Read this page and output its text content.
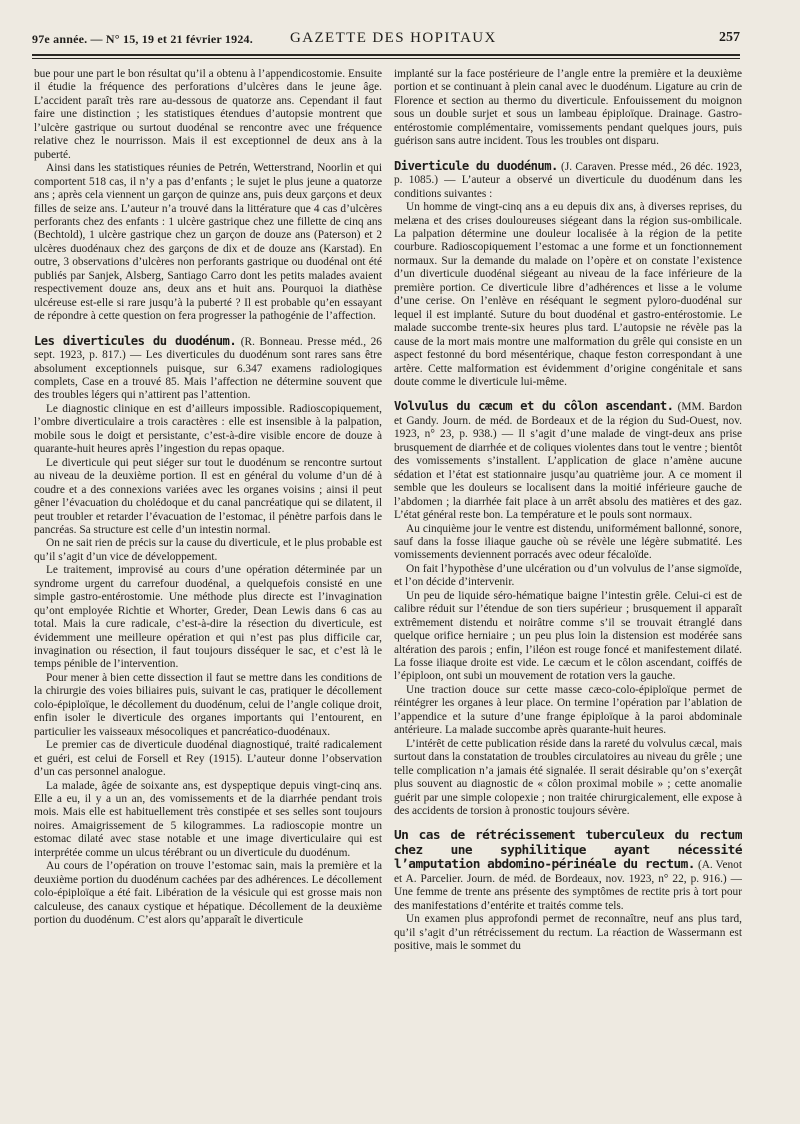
97e année. — N° 15, 19 et 21 février 1924. GAZETTE DES HOPITAUX	257

bue pour une part le bon résultat qu’il a obtenu à l’appendicostomie. Ensuite il étudie la fréquence des perforations d’ulcères dans le jeune âge. L’accident paraît très rare au-dessous de quatorze ans. Cependant il faut faire une distinction ; les statistiques étendues d’autopsie montrent que l’ulcère gastrique ou surtout duodénal se rencontre avec une fréquence relative chez le nourrisson. Mais il est exceptionnel de deux ans à la puberté.

Ainsi dans les statistiques réunies de Petrén, Wetterstrand, Noorlin et qui comportent 518 cas, il n’y a pas d’enfants ; le sujet le plus jeune a quatorze ans ; après cela viennent un garçon de quinze ans, puis deux garçons et deux filles de seize ans. L’auteur n’a trouvé dans la littérature que 4 cas d’ulcères perforants chez des enfants : 1 ulcère gastrique chez une fillette de cinq ans (Bechtold), 1 ulcère gastrique chez un garçon de douze ans (Paterson) et 2 ulcères duodénaux chez des garçons de dix et de douze ans (Karstad). En outre, 3 observations d’ulcères non perforants gastrique ou duodénal ont été publiés par Sanjek, Alsberg, Santiago Carro dont les petits malades avaient respectivement douze ans, deux ans et huit ans. Pourquoi la diathèse ulcéreuse est-elle si rare jusqu’à la puberté ? Il est probable qu’en essayant de répondre à cette question on fera progresser la pathogénie de l’affection.

Les diverticules du duodénum. (R. Bonneau. Presse méd., 26 sept. 1923, p. 817.) — Les diverticules du duodénum sont rares sans être absolument exceptionnels puisque, sur 6.347 examens radiologiques complets, Case en a trouvé 85. Mais l’affection ne détermine souvent que des troubles légers qui n’attirent pas l’attention.

Le diagnostic clinique en est d’ailleurs impossible. Radioscopiquement, l’ombre diverticulaire a trois caractères : elle est insensible à la palpation, mobile sous le doigt et persistante, c’est-à-dire visible encore de douze à quarante-huit heures après l’ingestion du repas opaque.

Le diverticule qui peut siéger sur tout le duodénum se rencontre surtout au niveau de la deuxième portion. Il est en général du volume d’un dé à coudre et a des connexions variées avec les organes voisins ; ainsi il peut gêner l’évacuation du cholédoque et du canal pancréatique qui se dilatent, il peut troubler et retarder l’évacuation de l’estomac, il pénètre parfois dans le pancréas. Sa structure est celle d’un intestin normal.

On ne sait rien de précis sur la cause du diverticule, et le plus probable est qu’il s’agit d’un vice de développement.

Le traitement, improvisé au cours d’une opération déterminée par un syndrome urgent du carrefour duodénal, a quelquefois consisté en une simple gastro-entérostomie. Une méthode plus directe est l’invagination qu’ont employée Richtie et Whorter, Greder, Dean Lewis dans 6 cas au total. Mais la cure radicale, c’est-à-dire la résection du diverticule, est évidemment une meilleure opération et qui n’est pas plus difficile car, invagination ou résection, il faut toujours disséquer le sac, et c’est là le temps pénible de l’intervention.

Pour mener à bien cette dissection il faut se mettre dans les conditions de la chirurgie des voies biliaires puis, suivant le cas, pratiquer le décollement colo-épiploïque, le décollement du duodénum, celui de l’angle colique droit, enfin isoler le diverticule des organes importants qui l’entourent, en particulier les vaisseaux mésocoliques et pancréatico-duodénaux.

Le premier cas de diverticule duodénal diagnostiqué, traité radicalement et guéri, est celui de Forsell et Rey (1915). L’auteur donne l’observation d’un cas personnel analogue.

La malade, âgée de soixante ans, est dyspeptique depuis vingt-cinq ans. Elle a eu, il y a un an, des vomissements et de la diarrhée pendant trois mois. Mais elle est habituellement très constipée et ses selles sont toujours noires. Amaigrissement de 5 kilogrammes. La radioscopie montre un estomac dilaté avec stase notable et une image diverticulaire qui est interprétée comme un ulcus térébrant ou un diverticule du duodénum.

Au cours de l’opération on trouve l’estomac sain, mais la première et la deuxième portion du duodénum cachées par des adhérences. Le décollement colo-épiploïque a été fait. Libération de la vésicule qui est grosse mais non calculeuse, des canaux cystique et hépatique. Décollement de la deuxième portion du duodénum. C’est alors qu’apparaît le diverticule

implanté sur la face postérieure de l’angle entre la première et la deuxième portion et se continuant à plein canal avec le duodénum. Ligature au crin de Florence et section au thermo du diverticule. Enfouissement du moignon sous un double surjet et sous un lambeau épiploïque. Drainage. Gastro-entérostomie complémentaire, vomissements pendant quelques jours, puis guérison sans autre incident. Tous les troubles ont disparu.

Diverticule du duodénum. (J. Caraven. Presse méd., 26 déc. 1923, p. 1085.) — L’auteur a observé un diverticule du duodénum dans les conditions suivantes :

Un homme de vingt-cinq ans a eu depuis dix ans, à diverses reprises, du melæna et des crises douloureuses siégeant dans la région sus-ombilicale. La palpation détermine une douleur localisée à la région de la petite courbure. Radioscopiquement l’estomac a une forme et un fonctionnement normaux. Sur la demande du malade on l’opère et on constate l’existence d’un diverticule duodénal siégeant au niveau de la face inférieure de la première portion. Ce diverticule libre d’adhérences et lisse a le volume d’une cerise. On l’enlève en réséquant le segment pyloro-duodénal sur lequel il est implanté. Suture du bout duodénal et gastro-entérostomie. Le malade succombe trente-six heures plus tard. L’autopsie ne révèle pas la cause de la mort mais montre une malformation du grêle qui consiste en un aspect festonné du bord mésentérique, chaque feston correspondant à une artère. Cette malformation est évidemment d’origine congénitale et sans doute comme le diverticule lui-même.

Volvulus du cæcum et du côlon ascendant. (MM. Bardon et Gandy. Journ. de méd. de Bordeaux et de la région du Sud-Ouest, nov. 1923, n° 23, p. 938.) — Il s’agit d’une malade de vingt-deux ans prise brusquement de diarrhée et de coliques violentes dans tout le ventre ; bientôt des vomissements s’installent. L’application de glace n’amène aucune sédation et l’état est stationnaire jusqu’au quatrième jour. A ce moment il semble que les douleurs se localisent dans la moitié inférieure gauche de l’abdomen ; la diarrhée fait place à un arrêt absolu des matières et des gaz. L’état général reste bon. La température et le pouls sont normaux.

Au cinquième jour le ventre est distendu, uniformément ballonné, sonore, sauf dans la fosse iliaque gauche où se révèle une légère submatité. Les vomissements deviennent porracés avec odeur fécaloïde.

On fait l’hypothèse d’une ulcération ou d’un volvulus de l’anse sigmoïde, et l’on décide d’intervenir.

Un peu de liquide séro-hématique baigne l’intestin grêle. Celui-ci est de calibre réduit sur l’étendue de son tiers supérieur ; brusquement il apparaît extrêmement distendu et noirâtre comme s’il se trouvait étranglé dans quelque orifice herniaire ; un peu plus loin la distension est modérée sans altération des parois ; enfin, l’iléon est rouge foncé et manifestement dilaté. La fosse iliaque droite est vide. Le cæcum et le côlon ascendant, coiffés de l’épiploon, ont subi un mouvement de rotation vers la gauche.

Une traction douce sur cette masse cæco-colo-épiploïque permet de réintégrer les organes à leur place. On termine l’opération par l’ablation de l’appendice et la suture d’une frange épiploïque à la paroi abdominale antérieure. La malade succombe après quarante-huit heures.

L’intérêt de cette publication réside dans la rareté du volvulus cæcal, mais surtout dans la constatation de troubles circulatoires au niveau du grêle ; une telle complication n’a jamais été signalée. Il serait désirable qu’on s’exerçât plus souvent au diagnostic de « côlon proximal mobile » ; cette anomalie guérit par une simple colopexie ; non traitée chirurgicalement, elle expose à des accidents de torsion à pronostic toujours sévère.

Un cas de rétrécissement tuberculeux du rectum chez une syphilitique ayant nécessité l’amputation abdomino-périnéale du rectum. (A. Venot et A. Parcelier. Journ. de méd. de Bordeaux, nov. 1923, n° 22, p. 916.) — Une femme de trente ans présente des symptômes de rectite pris à tort pour des manifestations d’entérite et traités comme tels.

Un examen plus approfondi permet de reconnaître, neuf ans plus tard, qu’il s’agit d’un rétrécissement du rectum. La réaction de Wassermann est positive, mais le sommet du
